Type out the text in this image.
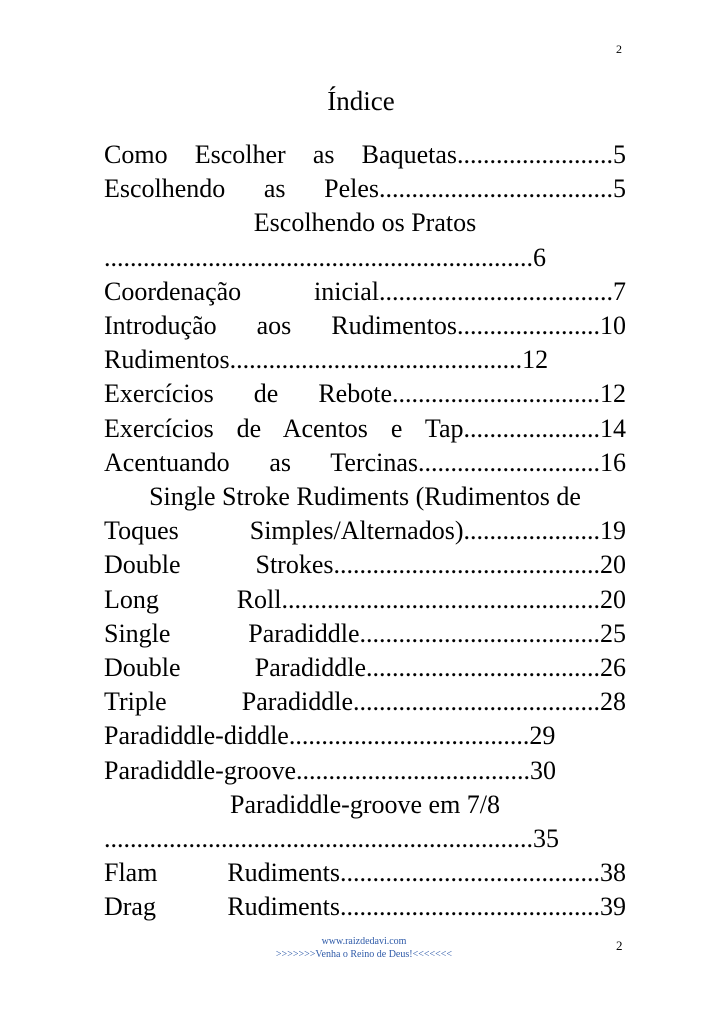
2
Índice
Como Escolher as Baquetas........................5
Escolhendo as Peles....................................5
Escolhendo os Pratos
..................................................................6
Coordenação inicial....................................7
Introdução aos Rudimentos......................10
Rudimentos.............................................12
Exercícios de Rebote................................12
Exercícios de Acentos e Tap.....................14
Acentuando as Tercinas............................16
Single Stroke Rudiments (Rudimentos de
Toques Simples/Alternados).....................19
Double Strokes.........................................20
Long Roll.................................................20
Single Paradiddle.....................................25
Double Paradiddle....................................26
Triple Paradiddle......................................28
Paradiddle-diddle.....................................29
Paradiddle-groove....................................30
Paradiddle-groove em 7/8
..................................................................35
Flam Rudiments........................................38
Drag Rudiments........................................39
www.raizdedavi.com
>>>>>>>Venha o Reino de Deus!<<<<<<<
2
